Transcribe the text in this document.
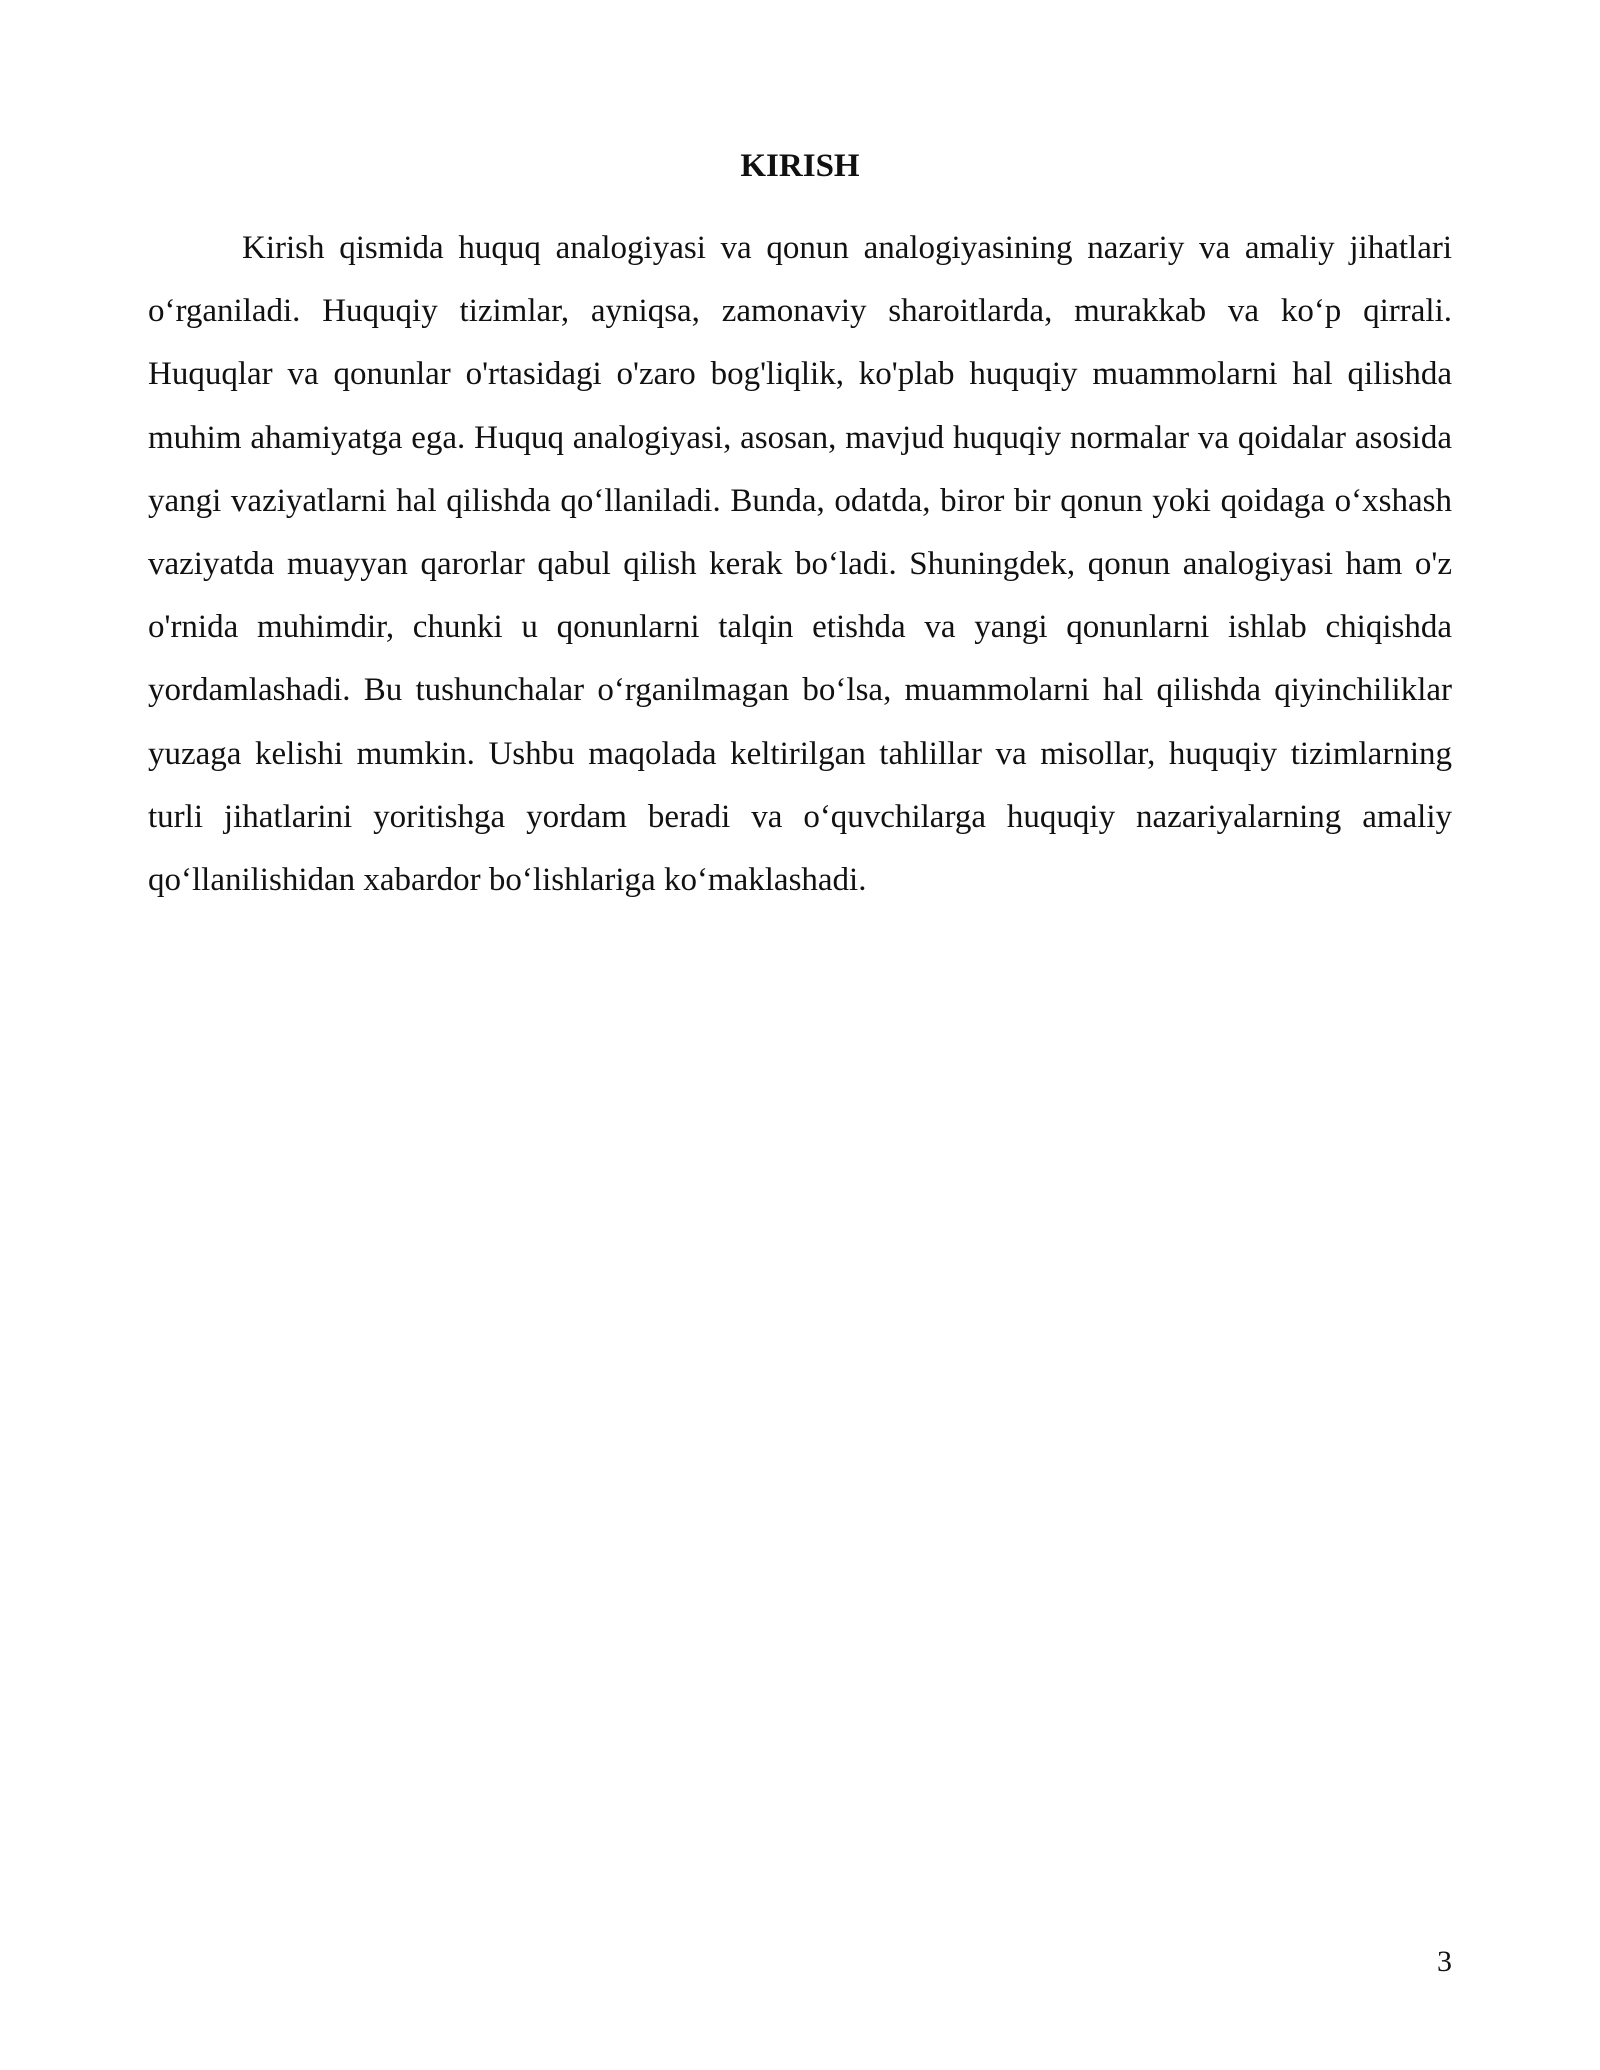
KIRISH

Kirish qismida huquq analogiyasi va qonun analogiyasining nazariy va amaliy jihatlari o‘rganiladi. Huquqiy tizimlar, ayniqsa, zamonaviy sharoitlarda, murakkab va ko‘p qirrali. Huquqlar va qonunlar o'rtasidagi o'zaro bog'liqlik, ko'plab huquqiy muammolarni hal qilishda muhim ahamiyatga ega. Huquq analogiyasi, asosan, mavjud huquqiy normalar va qoidalar asosida yangi vaziyatlarni hal qilishda qo‘llaniladi. Bunda, odatda, biror bir qonun yoki qoidaga o‘xshash vaziyatda muayyan qarorlar qabul qilish kerak bo‘ladi. Shuningdek, qonun analogiyasi ham o'z o'rnida muhimdir, chunki u qonunlarni talqin etishda va yangi qonunlarni ishlab chiqishda yordamlashadi. Bu tushunchalar o‘rganilmagan bo‘lsa, muammolarni hal qilishda qiyinchiliklar yuzaga kelishi mumkin. Ushbu maqolada keltirilgan tahlillar va misollar, huquqiy tizimlarning turli jihatlarini yoritishga yordam beradi va o‘quvchilarga huquqiy nazariyalarning amaliy qo‘llanilishidan xabardor bo‘lishlariga ko‘maklashadi.

3
